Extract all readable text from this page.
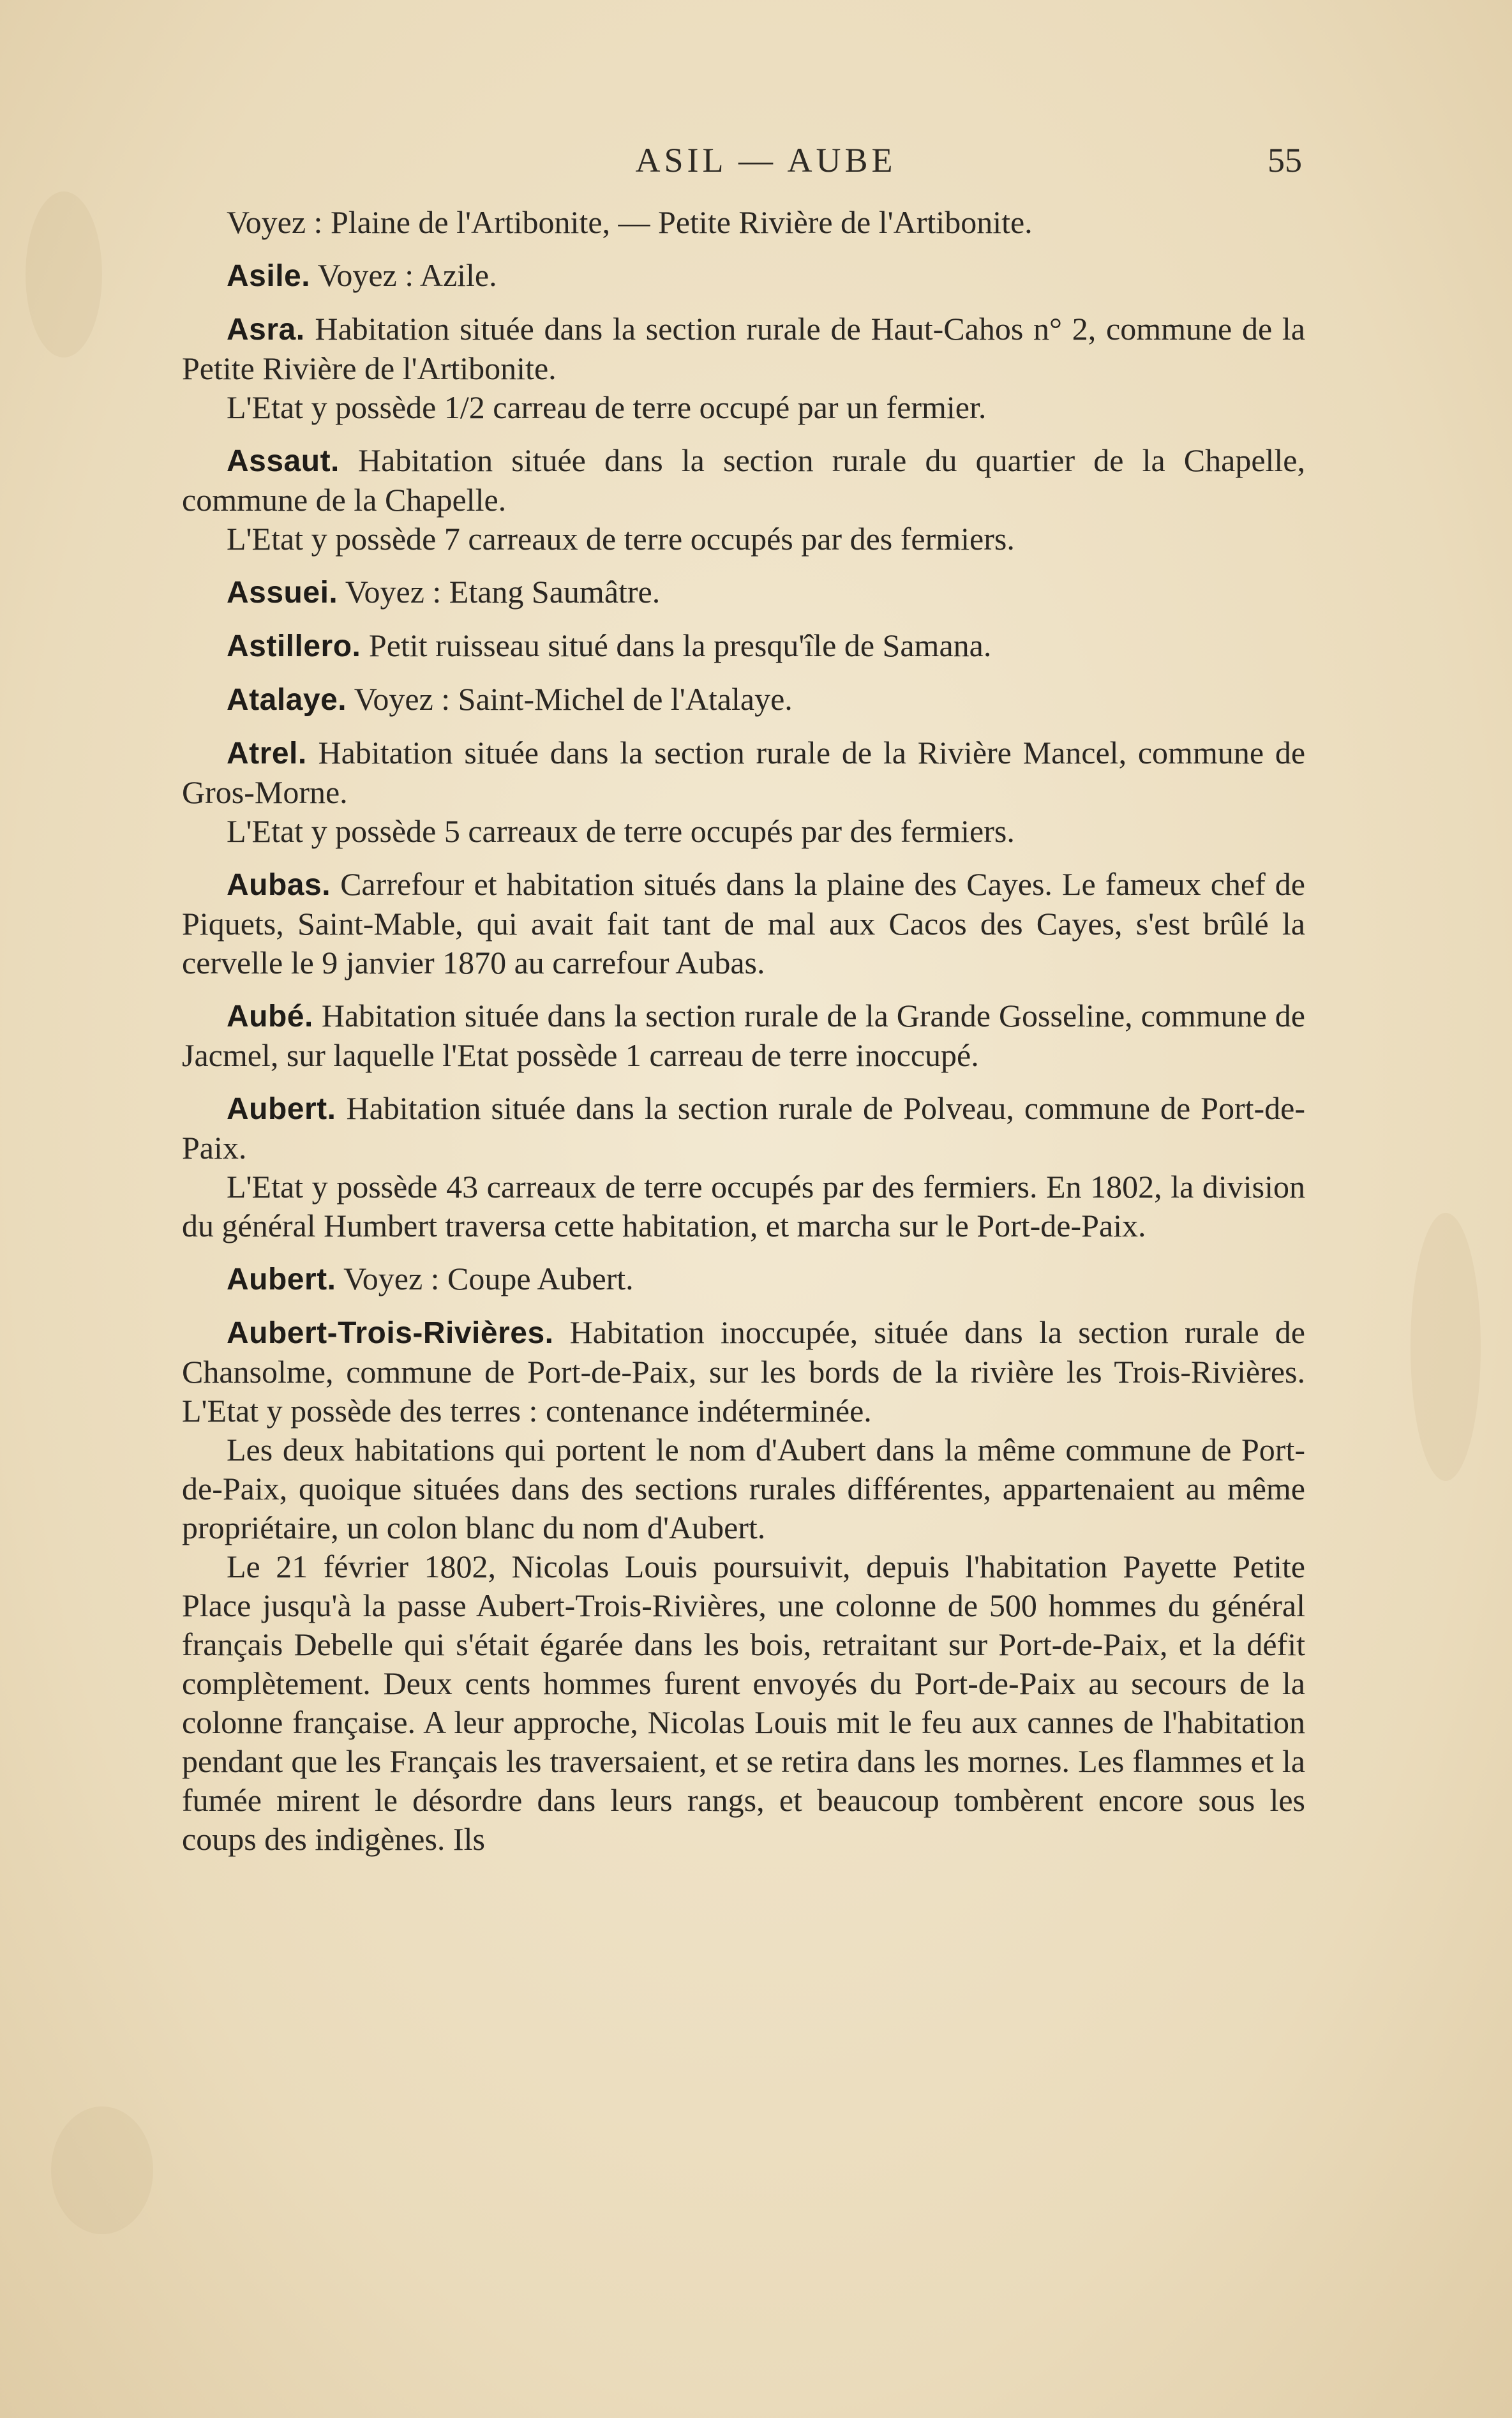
ASIL — AUBE	55

Voyez : Plaine de l'Artibonite, — Petite Rivière de l'Artibonite.

Asile. Voyez : Azile.

Asra. Habitation située dans la section rurale de Haut-Cahos n° 2, commune de la Petite Rivière de l'Artibonite.

L'Etat y possède 1/2 carreau de terre occupé par un fermier.

Assaut. Habitation située dans la section rurale du quartier de la Chapelle, commune de la Chapelle.

L'Etat y possède 7 carreaux de terre occupés par des fermiers.

Assuei. Voyez : Etang Saumâtre.

Astillero. Petit ruisseau situé dans la presqu'île de Samana.

Atalaye. Voyez : Saint-Michel de l'Atalaye.

Atrel. Habitation située dans la section rurale de la Rivière Mancel, commune de Gros-Morne.

L'Etat y possède 5 carreaux de terre occupés par des fermiers.

Aubas. Carrefour et habitation situés dans la plaine des Cayes. Le fameux chef de Piquets, Saint-Mable, qui avait fait tant de mal aux Cacos des Cayes, s'est brûlé la cervelle le 9 janvier 1870 au carrefour Aubas.

Aubé. Habitation située dans la section rurale de la Grande Gosseline, commune de Jacmel, sur laquelle l'Etat possède 1 carreau de terre inoccupé.

Aubert. Habitation située dans la section rurale de Polveau, commune de Port-de-Paix.

L'Etat y possède 43 carreaux de terre occupés par des fermiers. En 1802, la division du général Humbert traversa cette habitation, et marcha sur le Port-de-Paix.

Aubert. Voyez : Coupe Aubert.

Aubert-Trois-Rivières. Habitation inoccupée, située dans la section rurale de Chansolme, commune de Port-de-Paix, sur les bords de la rivière les Trois-Rivières. L'Etat y possède des terres : contenance indéterminée.

Les deux habitations qui portent le nom d'Aubert dans la même commune de Port-de-Paix, quoique situées dans des sections rurales différentes, appartenaient au même propriétaire, un colon blanc du nom d'Aubert.

Le 21 février 1802, Nicolas Louis poursuivit, depuis l'habitation Payette Petite Place jusqu'à la passe Aubert-Trois-Rivières, une colonne de 500 hommes du général français Debelle qui s'était égarée dans les bois, retraitant sur Port-de-Paix, et la défit complètement. Deux cents hommes furent envoyés du Port-de-Paix au secours de la colonne française. A leur approche, Nicolas Louis mit le feu aux cannes de l'habitation pendant que les Français les traversaient, et se retira dans les mornes. Les flammes et la fumée mirent le désordre dans leurs rangs, et beaucoup tombèrent encore sous les coups des indigènes. Ils
